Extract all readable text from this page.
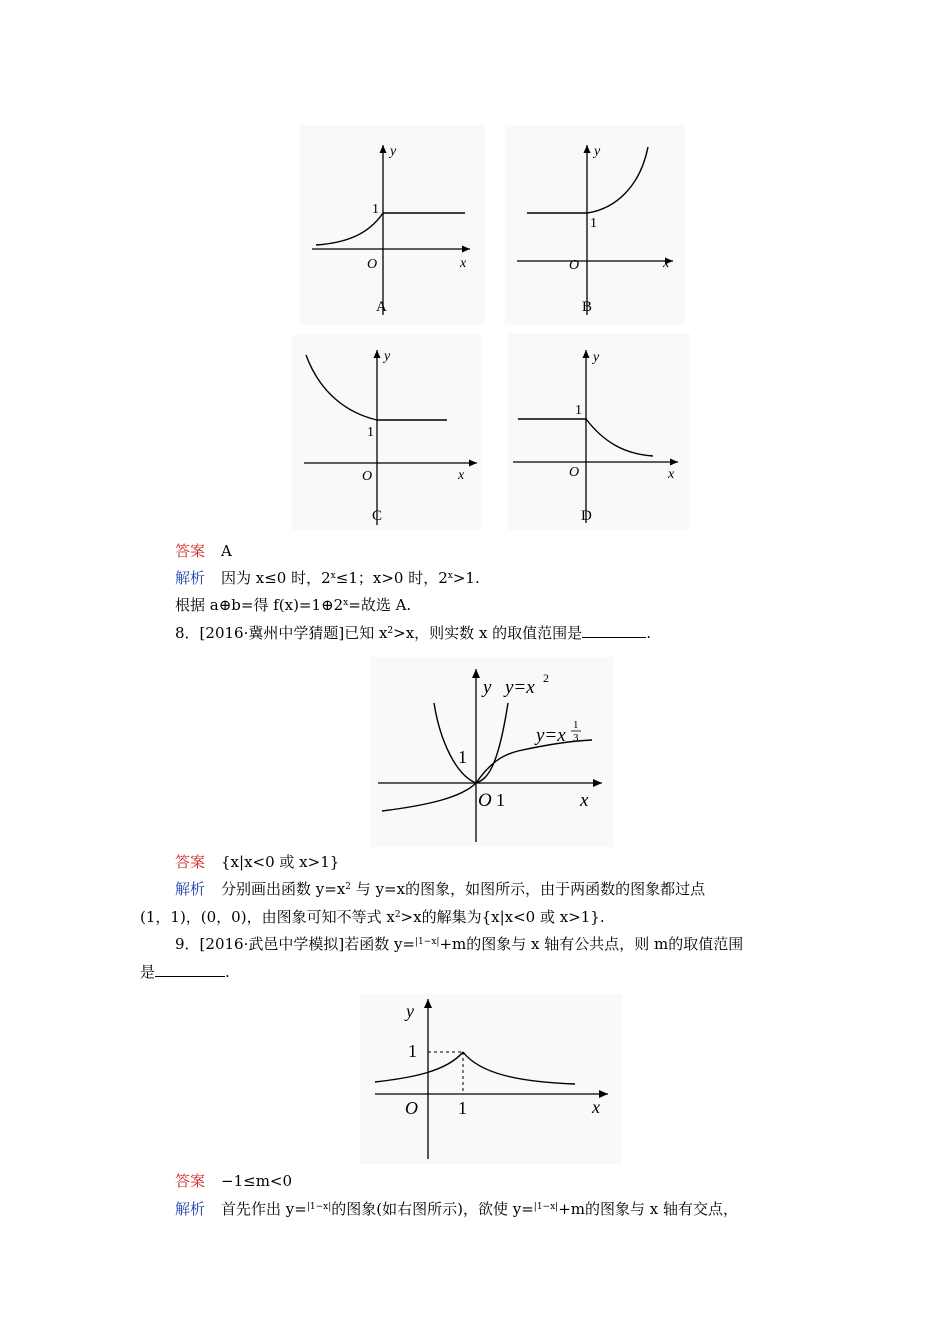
y
x
O
1
A
y
x
O
1
B
y
x
O
1
C
y
x
O
1
D
答案 A
解析 因为 x≤0 时，$2^x\le 1$；x>0 时，$2^x>1$.
根据 a⊕b=得 $f(x)=1\oplus 2^x=$故选 A.
8．[2016·冀州中学猜题]已知 $x^2>x$，则实数 x 的取值范围是	.
y
x
O 1
1
y=x 2
y=x 1
3
答案 {x|x<0 或 x>1}
解析 分别画出函数 $y=x^2$ 与 y=x的图象，如图所示，由于两函数的图象都过点
(1，1)，(0，0)，由图象可知不等式 $x^2>x$的解集为{x|x<0 或 x>1}.
9．[2016·武邑中学模拟]若函数 y=$^{|1-x|}$+m的图象与 x 轴有公共点，则 m的取值范围
是	.
y
x
O 1
1
答案 −1≤m<0
解析 首先作出 y=$^{|1-x|}$的图象(如右图所示)，欲使 y=$^{|1-x|}$+m的图象与 x 轴有交点，
